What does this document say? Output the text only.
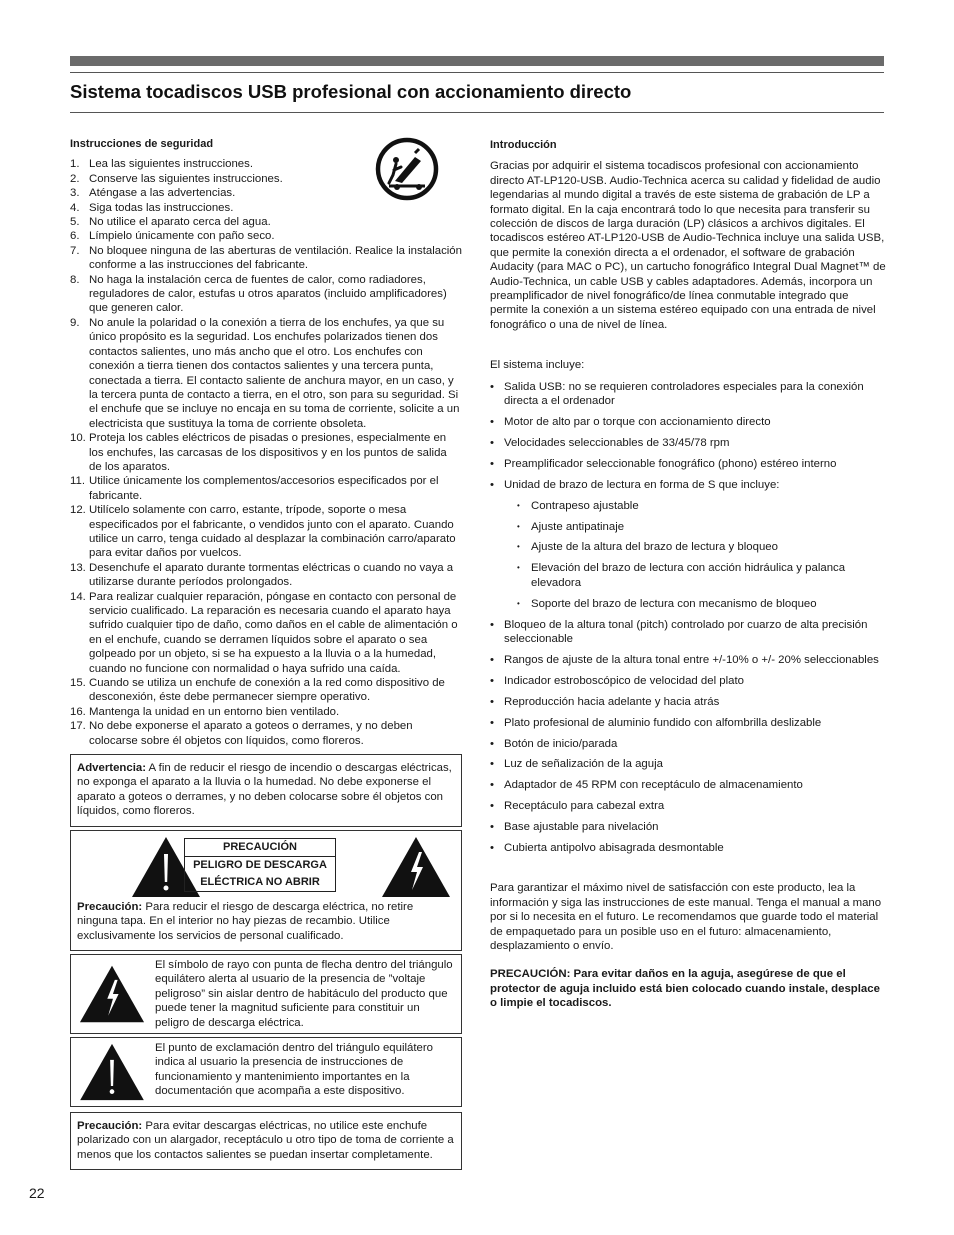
Sistema tocadiscos USB profesional con accionamiento directo
Instrucciones de seguridad
1. Lea las siguientes instrucciones.
2. Conserve las siguientes instrucciones.
3. Aténgase a las advertencias.
4. Siga todas las instrucciones.
5. No utilice el aparato cerca del agua.
6. Límpielo únicamente con paño seco.
7. No bloquee ninguna de las aberturas de ventilación. Realice la instalación conforme a las instrucciones del fabricante.
8. No haga la instalación cerca de fuentes de calor, como radiadores, reguladores de calor, estufas u otros aparatos (incluido amplificadores) que generen calor.
9. No anule la polaridad o la conexión a tierra de los enchufes, ya que su único propósito es la seguridad. Los enchufes polarizados tienen dos contactos salientes, uno más ancho que el otro. Los enchufes con conexión a tierra tienen dos contactos salientes y una tercera punta, conectada a tierra. El contacto saliente de anchura mayor, en un caso, y la tercera punta de contacto a tierra, en el otro, son para su seguridad. Si el enchufe que se incluye no encaja en su toma de corriente, solicite a un electricista que sustituya la toma de corriente obsoleta.
10. Proteja los cables eléctricos de pisadas o presiones, especialmente en los enchufes, las carcasas de los dispositivos y en los puntos de salida de los aparatos.
11. Utilice únicamente los complementos/accesorios especificados por el fabricante.
12. Utilícelo solamente con carro, estante, trípode, soporte o mesa especificados por el fabricante, o vendidos junto con el aparato. Cuando utilice un carro, tenga cuidado al desplazar la combinación carro/aparato para evitar daños por vuelcos.
13. Desenchufe el aparato durante tormentas eléctricas o cuando no vaya a utilizarse durante períodos prolongados.
14. Para realizar cualquier reparación, póngase en contacto con personal de servicio cualificado. La reparación es necesaria cuando el aparato haya sufrido cualquier tipo de daño, como daños en el cable de alimentación o en el enchufe, cuando se derramen líquidos sobre el aparato o sea golpeado por un objeto, si se ha expuesto a la lluvia o a la humedad, cuando no funcione con normalidad o haya sufrido una caída.
15. Cuando se utiliza un enchufe de conexión a la red como dispositivo de desconexión, éste debe permanecer siempre operativo.
16. Mantenga la unidad en un entorno bien ventilado.
17. No debe exponerse el aparato a goteos o derrames, y no deben colocarse sobre él objetos con líquidos, como floreros.
Advertencia: A fin de reducir el riesgo de incendio o descargas eléctricas, no exponga el aparato a la lluvia o la humedad. No debe exponerse el aparato a goteos o derrames, y no deben colocarse sobre él objetos con líquidos, como floreros.
PRECAUCIÓN
PELIGRO DE DESCARGA ELÉCTRICA NO ABRIR
Precaución: Para reducir el riesgo de descarga eléctrica, no retire ninguna tapa. En el interior no hay piezas de recambio. Utilice exclusivamente los servicios de personal cualificado.
El símbolo de rayo con punta de flecha dentro del triángulo equilátero alerta al usuario de la presencia de ”voltaje peligroso” sin aislar dentro de habitáculo del producto que puede tener la magnitud suficiente para constituir un peligro de descarga eléctrica.
El punto de exclamación dentro del triángulo equilátero indica al usuario la presencia de instrucciones de funcionamiento y mantenimiento importantes en la documentación que acompaña a este dispositivo.
Precaución: Para evitar descargas eléctricas, no utilice este enchufe polarizado con un alargador, receptáculo u otro tipo de toma de corriente a menos que los contactos salientes se puedan insertar completamente.
Introducción

Gracias por adquirir el sistema tocadiscos profesional con accionamiento directo AT-LP120-USB. Audio-Technica acerca su calidad y fidelidad de audio legendarias al mundo digital a través de este sistema de grabación de LP a formato digital. En la caja encontrará todo lo que necesita para transferir su colección de discos de larga duración (LP) clásicos a archivos digitales. El tocadiscos estéreo AT-LP120-USB de Audio-Technica incluye una salida USB, que permite la conexión directa a el ordenador, el software de grabación Audacity (para MAC o PC), un cartucho fonográfico Integral Dual Magnet™ de Audio-Technica, un cable USB y cables adaptadores. Además, incorpora un preamplificador de nivel fonográfico/de línea conmutable integrado que permite la conexión a un sistema estéreo equipado con una entrada de nivel fonográfico o una de nivel de línea.

El sistema incluye:

• Salida USB: no se requieren controladores especiales para la conexión directa a el ordenador
• Motor de alto par o torque con accionamiento directo
• Velocidades seleccionables de 33/45/78 rpm
• Preamplificador seleccionable fonográfico (phono) estéreo interno
• Unidad de brazo de lectura en forma de S que incluye:
• Contrapeso ajustable
• Ajuste antipatinaje
• Ajuste de la altura del brazo de lectura y bloqueo
• Elevación del brazo de lectura con acción hidráulica y palanca elevadora
• Soporte del brazo de lectura con mecanismo de bloqueo
• Bloqueo de la altura tonal (pitch) controlado por cuarzo de alta precisión seleccionable
• Rangos de ajuste de la altura tonal entre +/-10% o +/- 20% seleccionables
• Indicador estroboscópico de velocidad del plato
• Reproducción hacia adelante y hacia atrás
• Plato profesional de aluminio fundido con alfombrilla deslizable
• Botón de inicio/parada
• Luz de señalización de la aguja
• Adaptador de 45 RPM con receptáculo de almacenamiento
• Receptáculo para cabezal extra
• Base ajustable para nivelación
• Cubierta antipolvo abisagrada desmontable

Para garantizar el máximo nivel de satisfacción con este producto, lea la información y siga las instrucciones de este manual. Tenga el manual a mano por si lo necesita en el futuro. Le recomendamos que guarde todo el material de empaquetado para un posible uso en el futuro: almacenamiento, desplazamiento o envío.

PRECAUCIÓN: Para evitar daños en la aguja, asegúrese de que el protector de aguja incluido está bien colocado cuando instale, desplace o limpie el tocadiscos.

22
